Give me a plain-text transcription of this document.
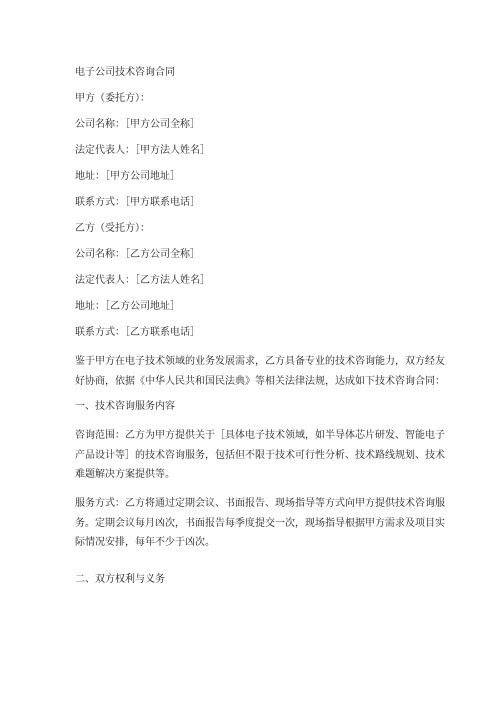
电子公司技术咨询合同

甲方（委托方）：

公司名称：［甲方公司全称］

法定代表人：［甲方法人姓名］

地址：［甲方公司地址］

联系方式：［甲方联系电话］

乙方（受托方）：

公司名称：［乙方公司全称］

法定代表人：［乙方法人姓名］

地址：［乙方公司地址］

联系方式：［乙方联系电话］

鉴于甲方在电子技术领域的业务发展需求，乙方具备专业的技术咨询能力，双方经友好协商，依据《中华人民共和国民法典》等相关法律法规，达成如下技术咨询合同：

一、技术咨询服务内容

咨询范围：乙方为甲方提供关于［具体电子技术领域，如半导体芯片研发、智能电子产品设计等］的技术咨询服务，包括但不限于技术可行性分析、技术路线规划、技术难题解决方案提供等。

服务方式：乙方将通过定期会议、书面报告、现场指导等方式向甲方提供技术咨询服务。定期会议每月凶次，书面报告每季度提交一次，现场指导根据甲方需求及项目实际情况安排，每年不少于凶次。

二、双方权利与义务
